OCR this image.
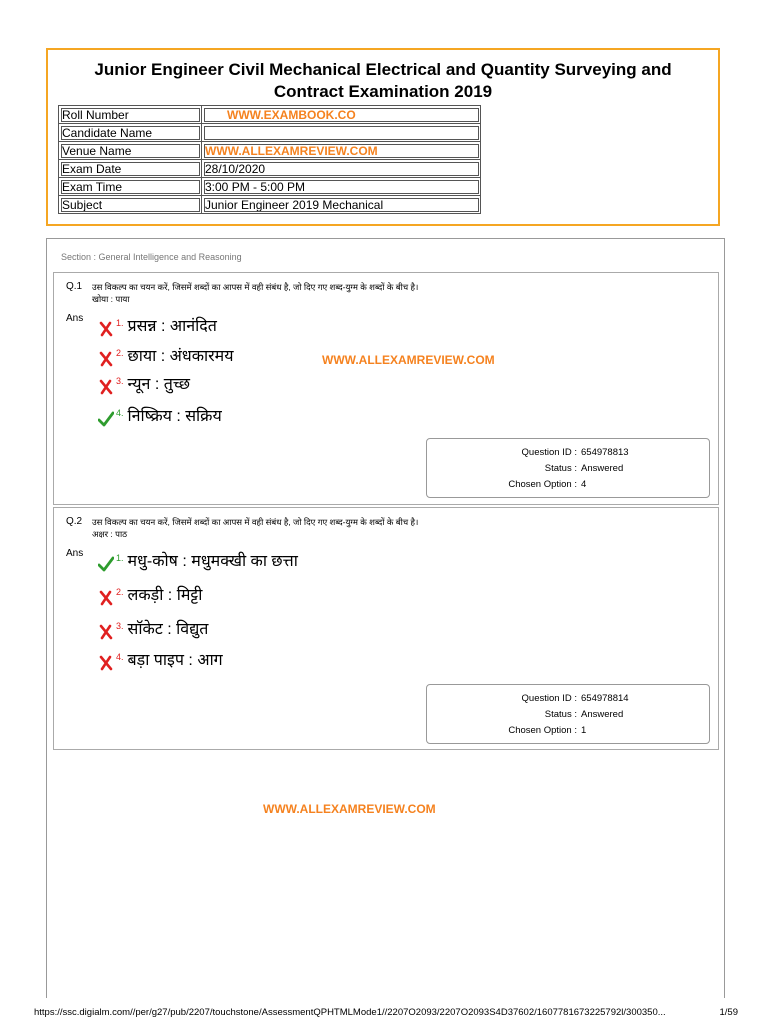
Junior Engineer Civil Mechanical Electrical and Quantity Surveying and Contract Examination 2019
Roll Number	WWW.EXAMBOOK.CO
Candidate Name	
Venue Name	WWW.ALLEXAMREVIEW.COM
Exam Date	28/10/2020
Exam Time	3:00 PM - 5:00 PM
Subject	Junior Engineer 2019 Mechanical
Section : General Intelligence and Reasoning
Q.1 उस विकल्प का चयन करें, जिसमें शब्दों का आपस में वही संबंध है, जो दिए गए शब्द-युग्म के शब्दों के बीच है।
खोया : पाया
Ans	1. प्रसन्न : आनंदित
2. छाया : अंधकारमय
3. न्यून : तुच्छ
4. निष्क्रिय : सक्रिय
WWW.ALLEXAMREVIEW.COM
Question ID : 654978813
Status : Answered
Chosen Option : 4
Q.2 उस विकल्प का चयन करें, जिसमें शब्दों का आपस में वही संबंध है, जो दिए गए शब्द-युग्म के शब्दों के बीच है।
अक्षर : पाठ
Ans	1. मधु-कोष : मधुमक्खी का छत्ता
2. लकड़ी : मिट्टी
3. सॉकेट : विद्युत
4. बड़ा पाइप : आग
Question ID : 654978814
Status : Answered
Chosen Option : 1
WWW.ALLEXAMREVIEW.COM
https://ssc.digialm.com//per/g27/pub/2207/touchstone/AssessmentQPHTMLMode1//2207O2093/2207O2093S4D37602/1607781673225792l/300350...	1/59
